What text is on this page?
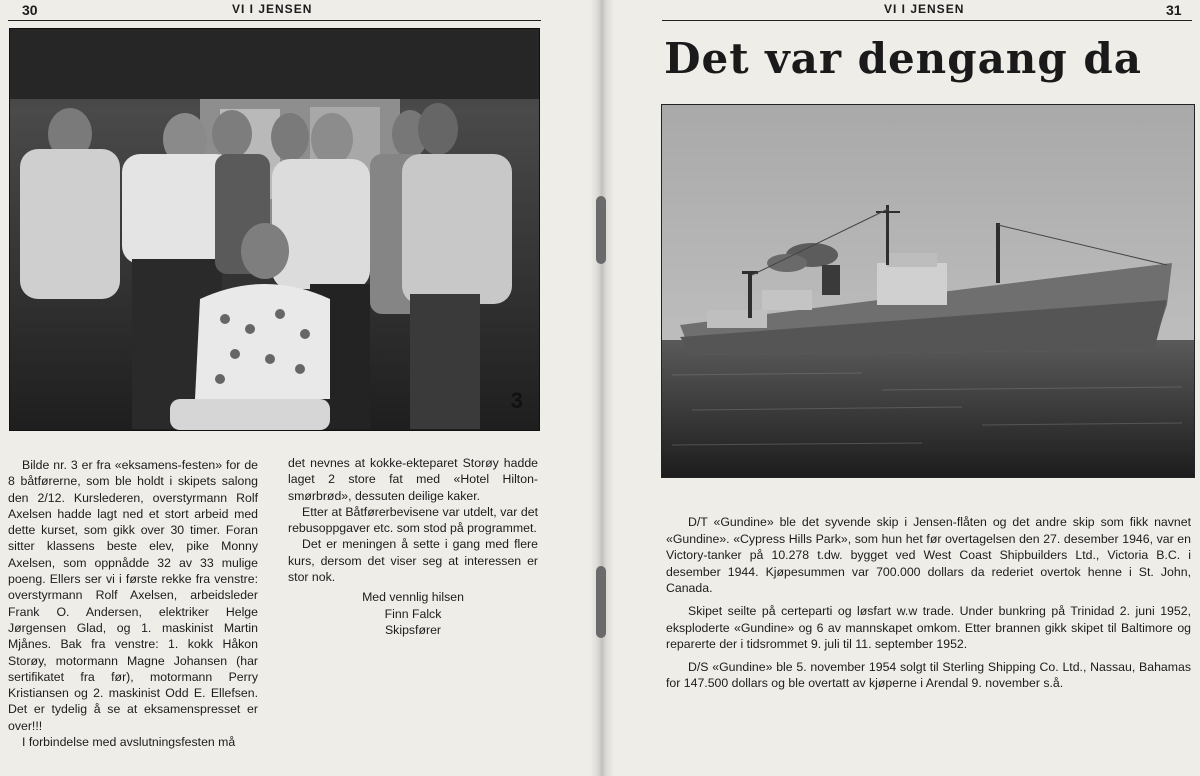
30	VI I JENSEN
3

Bilde nr. 3 er fra «eksamens-festen» for de 8 båtførerne, som ble holdt i skipets salong den 2/12. Kurslederen, overstyrmann Rolf Axelsen hadde lagt ned et stort arbeid med dette kurset, som gikk over 30 timer. Foran sitter klassens beste elev, pike Monny Axelsen, som oppnådde 32 av 33 mulige poeng. Ellers ser vi i første rekke fra venstre: overstyrmann Rolf Axelsen, arbeidsleder Frank O. Andersen, elektriker Helge Jørgensen Glad, og 1. maskinist Martin Mjånes. Bak fra venstre: 1. kokk Håkon Storøy, motormann Magne Johansen (har sertifikatet fra før), motormann Perry Kristiansen og 2. maskinist Odd E. Ellefsen. Det er tydelig å se at eksamenspresset er over!!!

I forbindelse med avslutningsfesten må

det nevnes at kokke-ekteparet Storøy hadde laget 2 store fat med «Hotel Hilton-smørbrød», dessuten deilige kaker.

Etter at Båtførerbevisene var utdelt, var det rebusoppgaver etc. som stod på programmet.

Det er meningen å sette i gang med flere kurs, dersom det viser seg at interessen er stor nok.

Med vennlig hilsen
Finn Falck
Skipsfører
VI I JENSEN	31
Det var dengang da

D/T «Gundine» ble det syvende skip i Jensen-flåten og det andre skip som fikk navnet «Gundine». «Cypress Hills Park», som hun het før overtagelsen den 27. desember 1946, var en Victory-tanker på 10.278 t.dw. bygget ved West Coast Shipbuilders Ltd., Victoria B.C. i desember 1944. Kjøpesummen var 700.000 dollars da rederiet overtok henne i St. John, Canada.

Skipet seilte på certeparti og løsfart w.w trade. Under bunkring på Trinidad 2. juni 1952, eksploderte «Gundine» og 6 av mannskapet omkom. Etter brannen gikk skipet til Baltimore og reparerte der i tidsrommet 9. juli til 11. september 1952.

D/S «Gundine» ble 5. november 1954 solgt til Sterling Shipping Co. Ltd., Nassau, Bahamas for 147.500 dollars og ble overtatt av kjøperne i Arendal 9. november s.å.
